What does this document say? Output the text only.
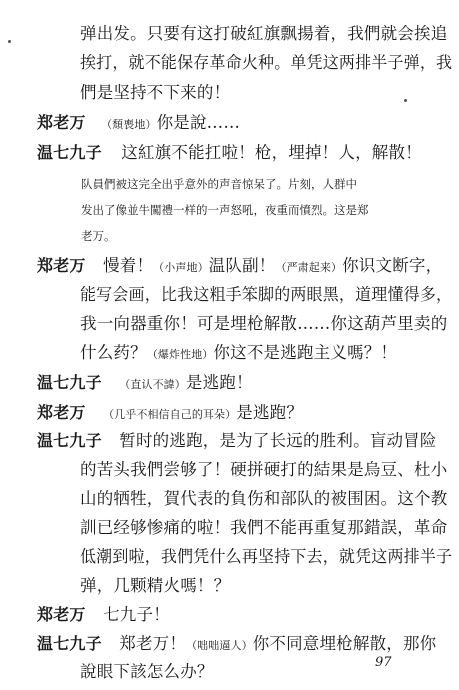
弹出发。只要有这打破紅旗飘揚着，我們就会挨追
挨打，就不能保存革命火种。单凭这两排半子弹，我
們是坚持不下来的！
郑老万 （頹喪地）你是說……
温七九子 这紅旗不能扛啦！枪，埋掉！人，解散！
队員們被这完全出乎意外的声音惊呆了。片刻，人群中
发出了像並牛闖禮一样的一声怒吼，夜重而憤烈。这是郑
老万。
郑老万 慢着！（小声地）温队副！（严肃起来）你识文断字，
能写会画，比我这粗手笨脚的两眼黑，道理懂得多，
我一向器重你！可是埋枪解散……你这葫芦里卖的
什么药？（爆炸性地）你这不是逃跑主义嗎？！
温七九子 （直认不諱）是逃跑！
郑老万 （几乎不相信自己的耳朵）是逃跑？
温七九子 暂时的逃跑，是为了长远的胜利。盲动冒险
的苦头我們尝够了！硬拼硬打的結果是烏豆、杜小
山的牺牲，賀代表的負伤和部队的被围困。这个教
訓已经够惨痛的啦！我們不能再重复那錯誤，革命
低潮到啦，我們凭什么再坚持下去，就凭这两排半子
弹，几颗精火嗎！？
郑老万 七九子！
温七九子 郑老万！（咄咄逼人）你不同意埋枪解散，那你
說眼下該怎么办？	97
